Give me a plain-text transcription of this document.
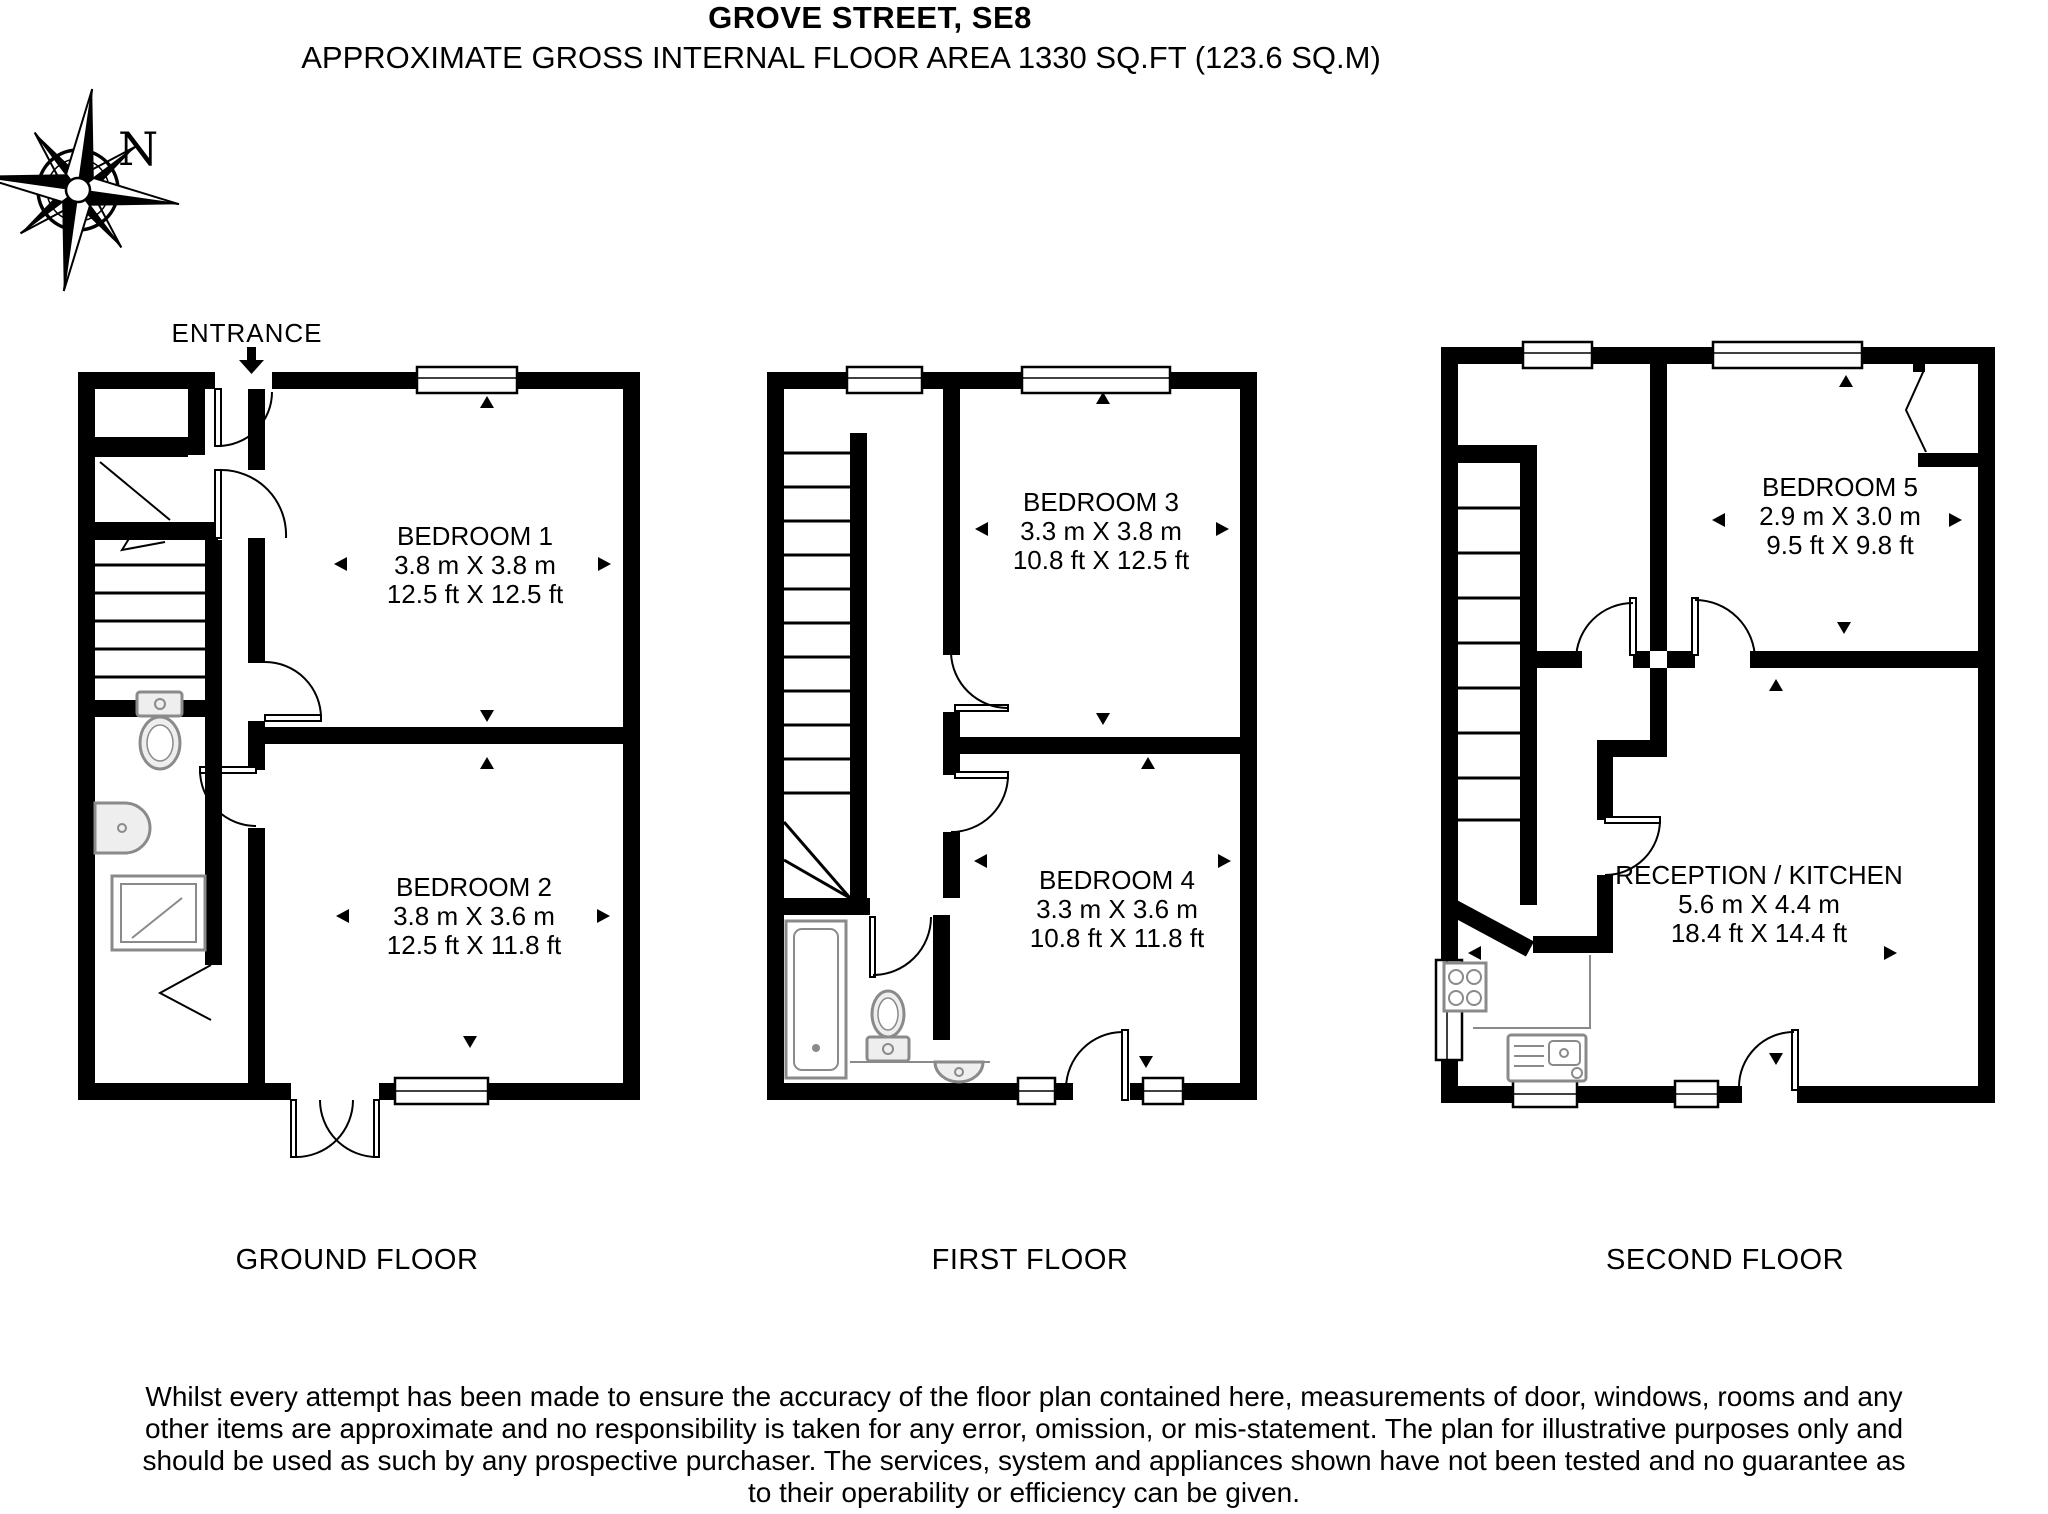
GROVE STREET, SE8
APPROXIMATE GROSS INTERNAL FLOOR AREA 1330 SQ.FT (123.6 SQ.M)
N
ENTRANCE
BEDROOM 1
3.8 m X 3.8 m
12.5 ft X 12.5 ft
BEDROOM 2
3.8 m X 3.6 m
12.5 ft X 11.8 ft
BEDROOM 3
3.3 m X 3.8 m
10.8 ft X 12.5 ft
BEDROOM 4
3.3 m X 3.6 m
10.8 ft X 11.8 ft
BEDROOM 5
2.9 m X 3.0 m
9.5 ft X 9.8 ft
RECEPTION / KITCHEN
5.6 m X 4.4 m
18.4 ft X 14.4 ft
GROUND FLOOR	FIRST FLOOR	SECOND FLOOR
Whilst every attempt has been made to ensure the accuracy of the floor plan contained here, measurements of door, windows, rooms and any
other items are approximate and no responsibility is taken for any error, omission, or mis-statement. The plan for illustrative purposes only and
should be used as such by any prospective purchaser. The services, system and appliances shown have not been tested and no guarantee as
to their operability or efficiency can be given.
